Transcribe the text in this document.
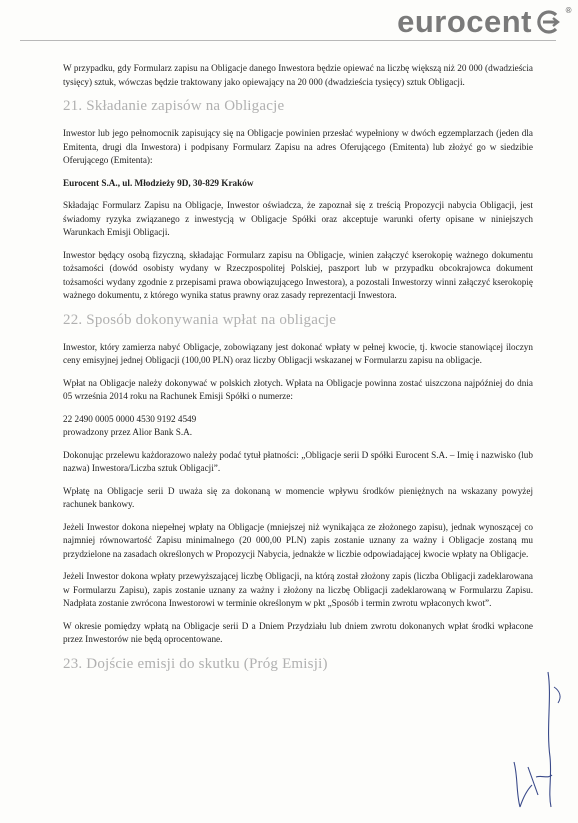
eurocent	®

W przypadku, gdy Formularz zapisu na Obligacje danego Inwestora będzie opiewać na liczbę większą niż 20 000 (dwadzieścia tysięcy) sztuk, wówczas będzie traktowany jako opiewający na 20 000 (dwadzieścia tysięcy) sztuk Obligacji.

21. Składanie zapisów na Obligacje

Inwestor lub jego pełnomocnik zapisujący się na Obligacje powinien przesłać wypełniony w dwóch egzemplarzach (jeden dla Emitenta, drugi dla Inwestora) i podpisany Formularz Zapisu na adres Oferującego (Emitenta) lub złożyć go w siedzibie Oferującego (Emitenta):

Eurocent S.A., ul. Młodzieży 9D, 30-829 Kraków

Składając Formularz Zapisu na Obligacje, Inwestor oświadcza, że zapoznał się z treścią Propozycji nabycia Obligacji, jest świadomy ryzyka związanego z inwestycją w Obligacje Spółki oraz akceptuje warunki oferty opisane w niniejszych Warunkach Emisji Obligacji.

Inwestor będący osobą fizyczną, składając Formularz zapisu na Obligacje, winien załączyć kserokopię ważnego dokumentu tożsamości (dowód osobisty wydany w Rzeczpospolitej Polskiej, paszport lub w przypadku obcokrajowca dokument tożsamości wydany zgodnie z przepisami prawa obowiązującego Inwestora), a pozostali Inwestorzy winni załączyć kserokopię ważnego dokumentu, z którego wynika status prawny oraz zasady reprezentacji Inwestora.

22. Sposób dokonywania wpłat na obligacje

Inwestor, który zamierza nabyć Obligacje, zobowiązany jest dokonać wpłaty w pełnej kwocie, tj. kwocie stanowiącej iloczyn ceny emisyjnej jednej Obligacji (100,00 PLN) oraz liczby Obligacji wskazanej w Formularzu zapisu na obligacje.

Wpłat na Obligacje należy dokonywać w polskich złotych. Wpłata na Obligacje powinna zostać uiszczona najpóźniej do dnia 05 września 2014 roku na Rachunek Emisji Spółki o numerze:

22 2490 0005 0000 4530 9192 4549
prowadzony przez Alior Bank S.A.

Dokonując przelewu każdorazowo należy podać tytuł płatności: „Obligacje serii D spółki Eurocent S.A. – Imię i nazwisko (lub nazwa) Inwestora/Liczba sztuk Obligacji”.

Wpłatę na Obligacje serii D uważa się za dokonaną w momencie wpływu środków pieniężnych na wskazany powyżej rachunek bankowy.

Jeżeli Inwestor dokona niepełnej wpłaty na Obligacje (mniejszej niż wynikająca ze złożonego zapisu), jednak wynoszącej co najmniej równowartość Zapisu minimalnego (20 000,00 PLN) zapis zostanie uznany za ważny i Obligacje zostaną mu przydzielone na zasadach określonych w Propozycji Nabycia, jednakże w liczbie odpowiadającej kwocie wpłaty na Obligacje.

Jeżeli Inwestor dokona wpłaty przewyższającej liczbę Obligacji, na którą został złożony zapis (liczba Obligacji zadeklarowana w Formularzu Zapisu), zapis zostanie uznany za ważny i złożony na liczbę Obligacji zadeklarowaną w Formularzu Zapisu. Nadpłata zostanie zwrócona Inwestorowi w terminie określonym w pkt „Sposób i termin zwrotu wpłaconych kwot”.

W okresie pomiędzy wpłatą na Obligacje serii D a Dniem Przydziału lub dniem zwrotu dokonanych wpłat środki wpłacone przez Inwestorów nie będą oprocentowane.

23. Dojście emisji do skutku (Próg Emisji)
